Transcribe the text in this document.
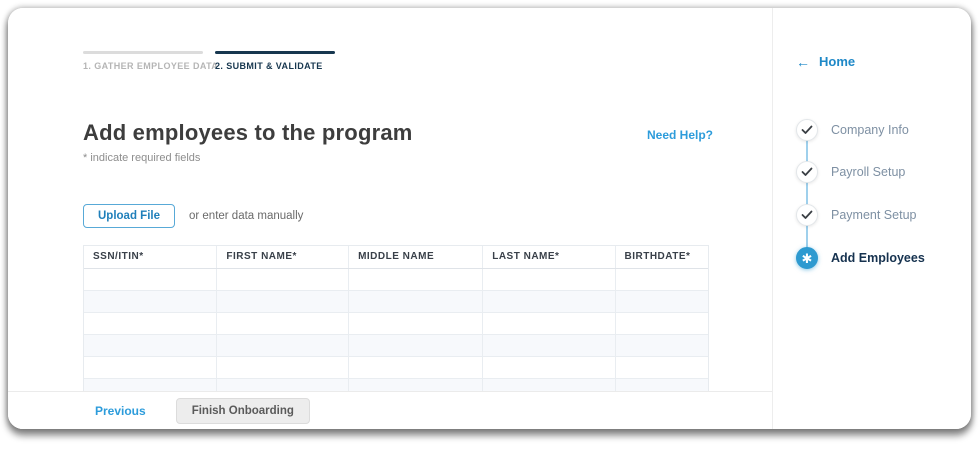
1. GATHER EMPLOYEE DATA
2. SUBMIT & VALIDATE
Add employees to the program
* indicate required fields
Need Help?
Upload File	or enter data manually
SSN/ITIN*	FIRST NAME*	MIDDLE NAME	LAST NAME*	BIRTHDATE*

Previous	Finish Onboarding
← Home
Company Info
Payroll Setup
Payment Setup
✱ Add Employees
